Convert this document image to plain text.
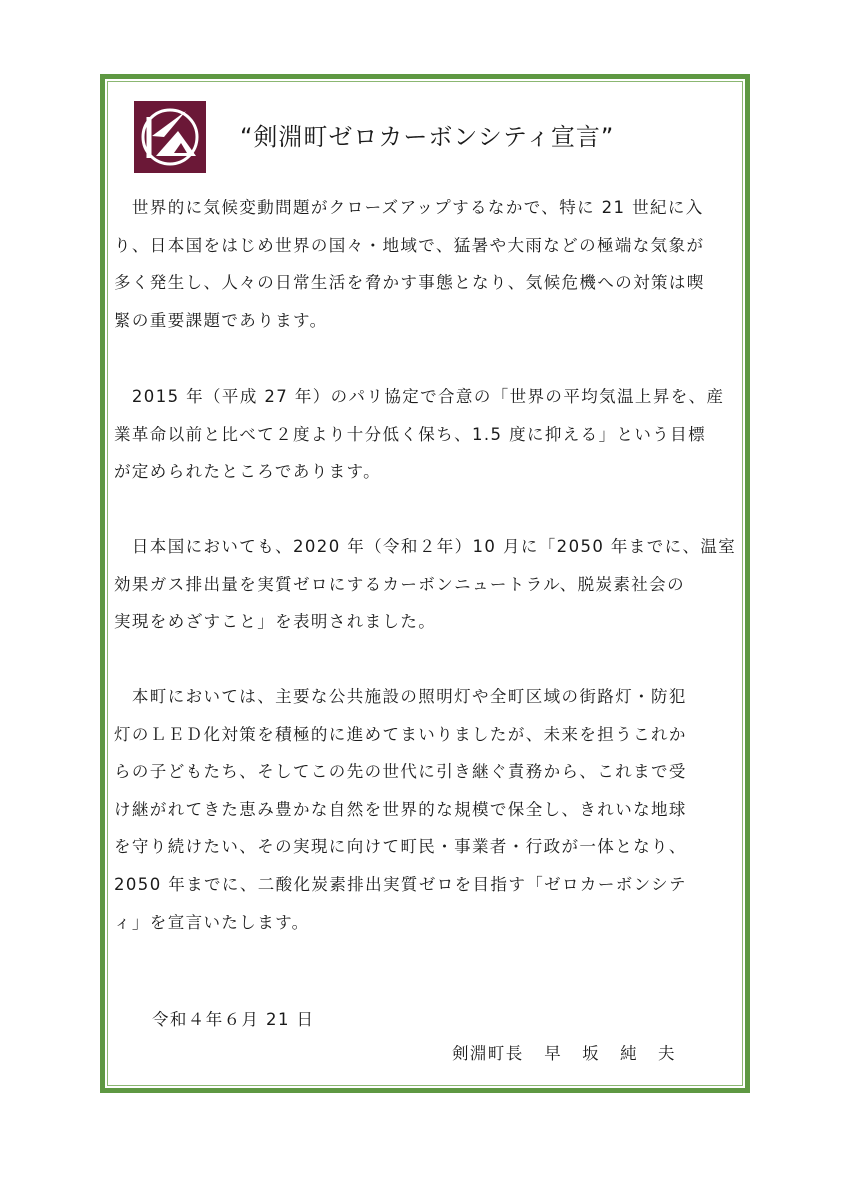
“剣淵町ゼロカーボンシティ宣言”

　世界的に気候変動問題がクローズアップするなかで、特に 21 世紀に入
り、日本国をはじめ世界の国々・地域で、猛暑や大雨などの極端な気象が
多く発生し、人々の日常生活を脅かす事態となり、気候危機への対策は喫
緊の重要課題であります。

　2015 年（平成 27 年）のパリ協定で合意の「世界の平均気温上昇を、産
業革命以前と比べて２度より十分低く保ち、1.5 度に抑える」という目標
が定められたところであります。

　日本国においても、2020 年（令和２年）10 月に「2050 年までに、温室
効果ガス排出量を実質ゼロにするカーボンニュートラル、脱炭素社会の
実現をめざすこと」を表明されました。

　本町においては、主要な公共施設の照明灯や全町区域の街路灯・防犯
灯のＬＥＤ化対策を積極的に進めてまいりましたが、未来を担うこれか
らの子どもたち、そしてこの先の世代に引き継ぐ責務から、これまで受
け継がれてきた恵み豊かな自然を世界的な規模で保全し、きれいな地球
を守り続けたい、その実現に向けて町民・事業者・行政が一体となり、
2050 年までに、二酸化炭素排出実質ゼロを目指す「ゼロカーボンシテ
ィ」を宣言いたします。

令和４年６月 21 日
剣淵町長 早 坂 純 夫
